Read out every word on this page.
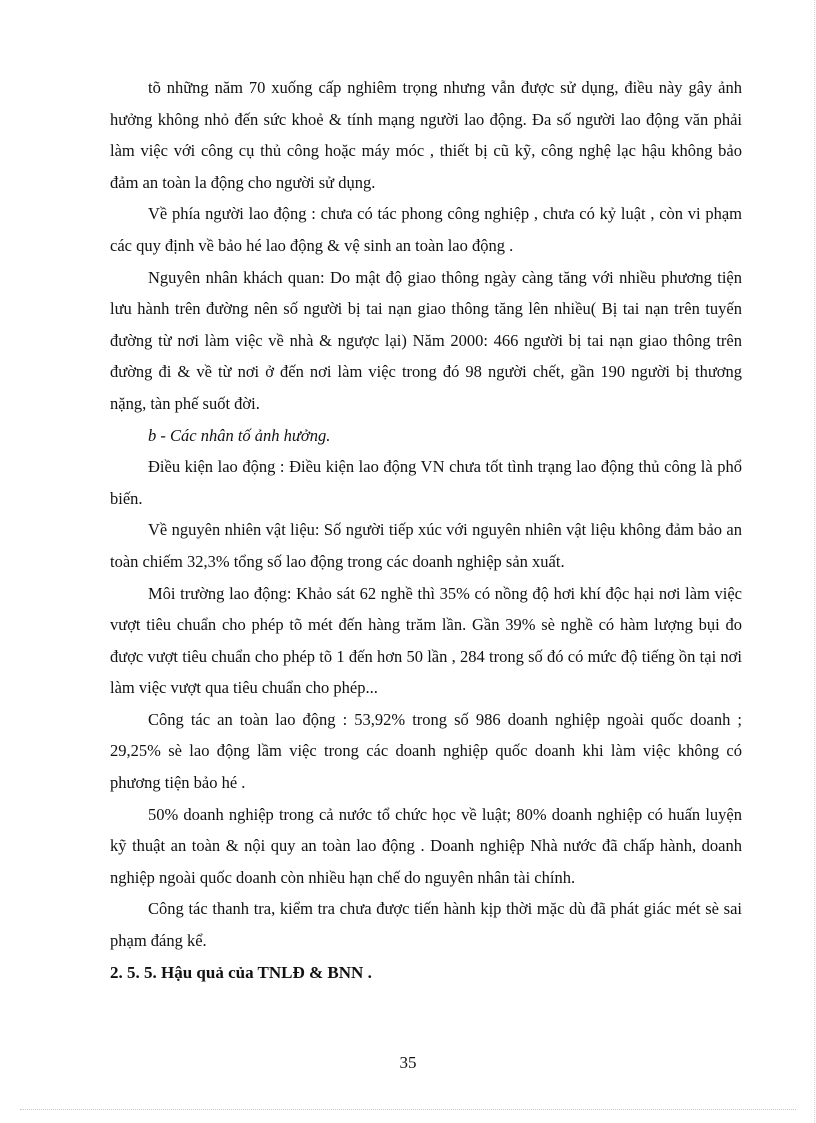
tõ những năm 70 xuống cấp nghiêm trọng nhưng vẫn được sử dụng, điều này gây ảnh hưởng không nhỏ đến sức khoẻ & tính mạng người lao động. Đa số người lao động văn phải làm việc với công cụ thủ công hoặc máy móc , thiết bị cũ kỹ, công nghệ lạc hậu không bảo đảm an toàn la động cho người sử dụng.

Về phía người lao động : chưa có tác phong công nghiệp , chưa có kỷ luật , còn vi phạm các quy định về bảo hé lao động & vệ sinh an toàn lao động .

Nguyên nhân khách quan: Do mật độ giao thông ngày càng tăng với nhiều phương tiện lưu hành trên đường nên số người bị tai nạn giao thông tăng lên nhiều( Bị tai nạn trên tuyến đường từ nơi làm việc về nhà & ngược lại) Năm 2000: 466 người bị tai nạn giao thông trên đường đi & về từ nơi ở đến nơi làm việc trong đó 98 người chết, gần 190 người bị thương nặng, tàn phế suốt đời.

b - Các nhân tố ảnh hưởng.

Điều kiện lao động : Điều kiện lao động VN chưa tốt tình trạng lao động thủ công là phổ biến.

Về nguyên nhiên vật liệu: Số người tiếp xúc với nguyên nhiên vật liệu không đảm bảo an toàn chiếm 32,3% tổng số lao động trong các doanh nghiệp sản xuất.

Môi trường lao động: Khảo sát 62 nghề thì 35% có nồng độ hơi khí độc hại nơi làm việc vượt tiêu chuẩn cho phép tõ mét đến hàng trăm lần. Gần 39% sè nghề có hàm lượng bụi đo được vượt tiêu chuẩn cho phép tõ 1 đến hơn 50 lần , 284 trong số đó có mức độ tiếng ồn tại nơi làm việc vượt qua tiêu chuẩn cho phép...

Công tác an toàn lao động : 53,92% trong số 986 doanh nghiệp ngoài quốc doanh ; 29,25% sè lao động lầm việc trong các doanh nghiệp quốc doanh khi làm việc không có phương tiện bảo hé .

50% doanh nghiệp trong cả nước tổ chức học về luật; 80% doanh nghiệp có huấn luyện kỹ thuật an toàn & nội quy an toàn lao động . Doanh nghiệp Nhà nước đã chấp hành, doanh nghiệp ngoài quốc doanh còn nhiều hạn chế do nguyên nhân tài chính.

Công tác thanh tra, kiểm tra chưa được tiến hành kịp thời mặc dù đã phát giác mét sè sai phạm đáng kể.

2. 5. 5. Hậu quả của TNLĐ & BNN .

35
